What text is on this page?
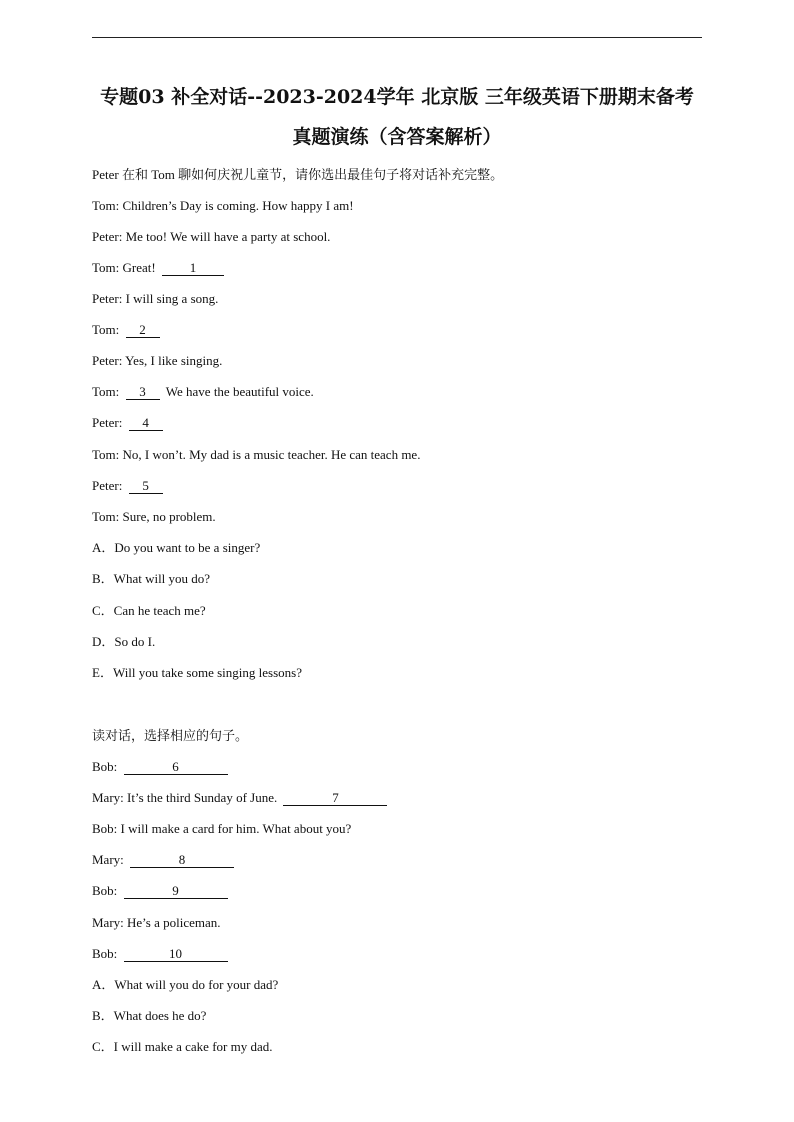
专题03 补全对话--2023-2024学年 北京版 三年级英语下册期末备考
真题演练（含答案解析）
Peter 在和 Tom 聊如何庆祝儿童节，请你选出最佳句子将对话补充完整。
Tom: Children’s Day is coming. How happy I am!
Peter: Me too! We will have a party at school.
Tom: Great!	1
Peter: I will sing a song.
Tom: 2
Peter: Yes, I like singing.
Tom: 3 We have the beautiful voice.
Peter: 4
Tom: No, I won’t. My dad is a music teacher. He can teach me.
Peter: 5
Tom: Sure, no problem.
A．Do you want to be a singer?
B．What will you do?
C．Can he teach me?
D．So do I.
E．Will you take some singing lessons?
读对话，选择相应的句子。
Bob:	6
Mary: It’s the third Sunday of June.	7
Bob: I will make a card for him. What about you?
Mary:	8
Bob:	9
Mary: He’s a policeman.
Bob:	10
A．What will you do for your dad?
B．What does he do?
C．I will make a cake for my dad.
